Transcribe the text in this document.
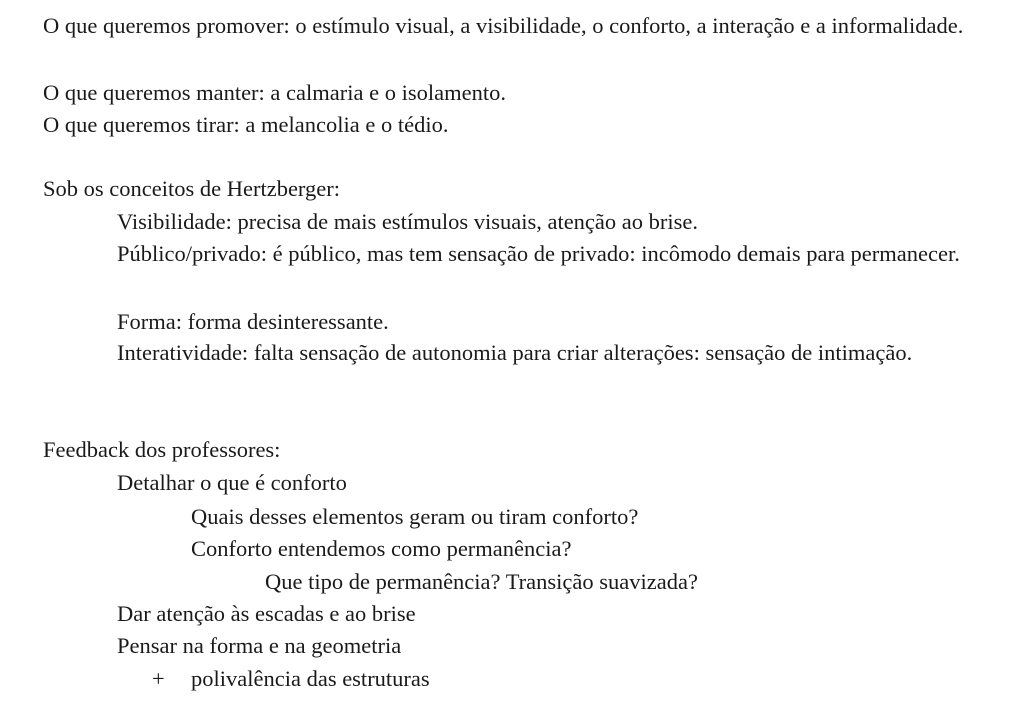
O que queremos promover: o estímulo visual, a visibilidade, o conforto, a interação e a informalidade.

O que queremos manter: a calmaria e o isolamento.

O que queremos tirar: a melancolia e o tédio.

Sob os conceitos de Hertzberger:

Visibilidade: precisa de mais estímulos visuais, atenção ao brise.

Público/privado: é público, mas tem sensação de privado: incômodo demais para permanecer.

Forma: forma desinteressante.

Interatividade: falta sensação de autonomia para criar alterações: sensação de intimação.

Feedback dos professores:

Detalhar o que é conforto

Quais desses elementos geram ou tiram conforto?

Conforto entendemos como permanência?

Que tipo de permanência? Transição suavizada?

Dar atenção às escadas e ao brise

Pensar na forma e na geometria

+ polivalência das estruturas
